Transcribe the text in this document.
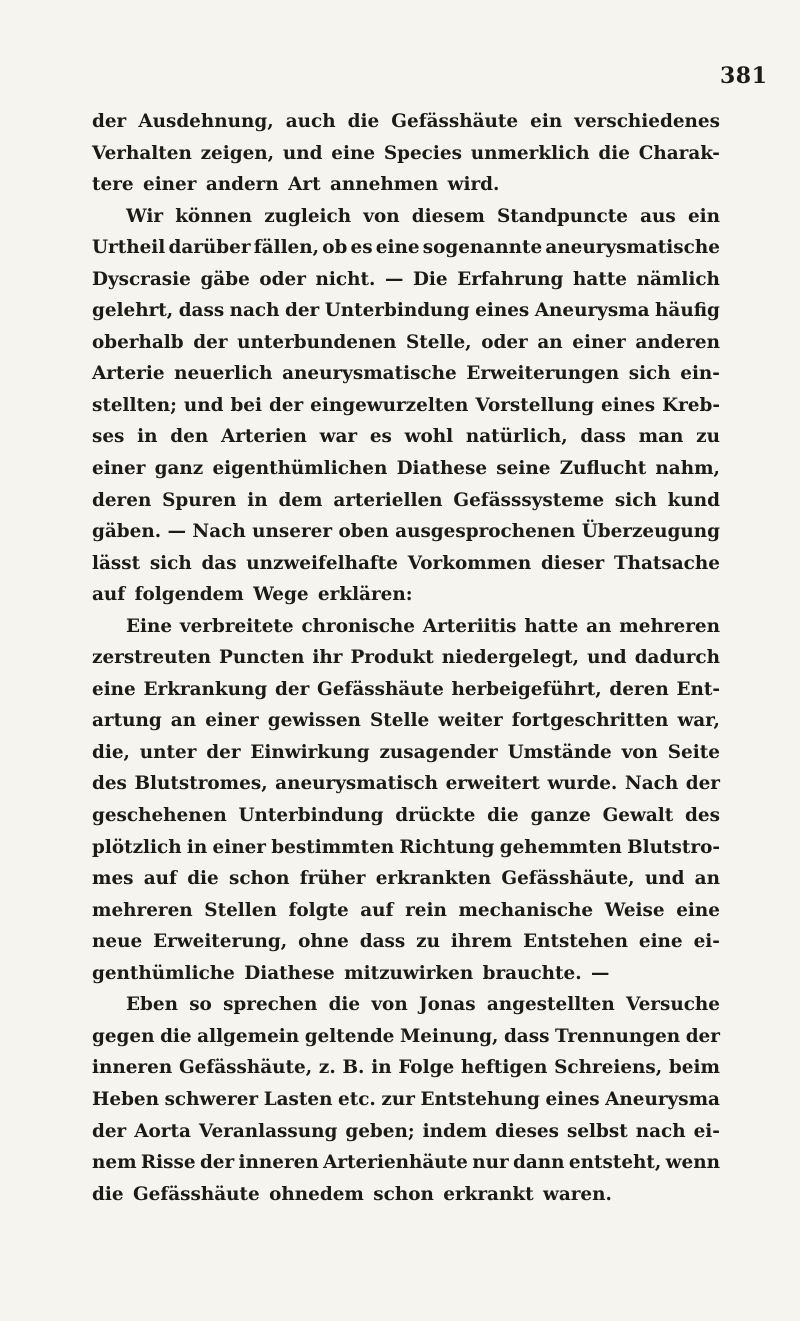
381
der Ausdehnung, auch die Gefässhäute ein verschiedenes
Verhalten zeigen, und eine Species unmerklich die Charak-
tere einer andern Art annehmen wird.
Wir können zugleich von diesem Standpuncte aus ein
Urtheil darüber fällen, ob es eine sogenannte aneurysmatische
Dyscrasie gäbe oder nicht. — Die Erfahrung hatte nämlich
gelehrt, dass nach der Unterbindung eines Aneurysma häufig
oberhalb der unterbundenen Stelle, oder an einer anderen
Arterie neuerlich aneurysmatische Erweiterungen sich ein-
stellten; und bei der eingewurzelten Vorstellung eines Kreb-
ses in den Arterien war es wohl natürlich, dass man zu
einer ganz eigenthümlichen Diathese seine Zuflucht nahm,
deren Spuren in dem arteriellen Gefässsysteme sich kund
gäben. — Nach unserer oben ausgesprochenen Überzeugung
lässt sich das unzweifelhafte Vorkommen dieser Thatsache
auf folgendem Wege erklären:
Eine verbreitete chronische Arteriitis hatte an mehreren
zerstreuten Puncten ihr Produkt niedergelegt, und dadurch
eine Erkrankung der Gefässhäute herbeigeführt, deren Ent-
artung an einer gewissen Stelle weiter fortgeschritten war,
die, unter der Einwirkung zusagender Umstände von Seite
des Blutstromes, aneurysmatisch erweitert wurde. Nach der
geschehenen Unterbindung drückte die ganze Gewalt des
plötzlich in einer bestimmten Richtung gehemmten Blutstro-
mes auf die schon früher erkrankten Gefässhäute, und an
mehreren Stellen folgte auf rein mechanische Weise eine
neue Erweiterung, ohne dass zu ihrem Entstehen eine ei-
genthümliche Diathese mitzuwirken brauchte. —
Eben so sprechen die von Jonas angestellten Versuche
gegen die allgemein geltende Meinung, dass Trennungen der
inneren Gefässhäute, z. B. in Folge heftigen Schreiens, beim
Heben schwerer Lasten etc. zur Entstehung eines Aneurysma
der Aorta Veranlassung geben; indem dieses selbst nach ei-
nem Risse der inneren Arterienhäute nur dann entsteht, wenn
die Gefässhäute ohnedem schon erkrankt waren.
